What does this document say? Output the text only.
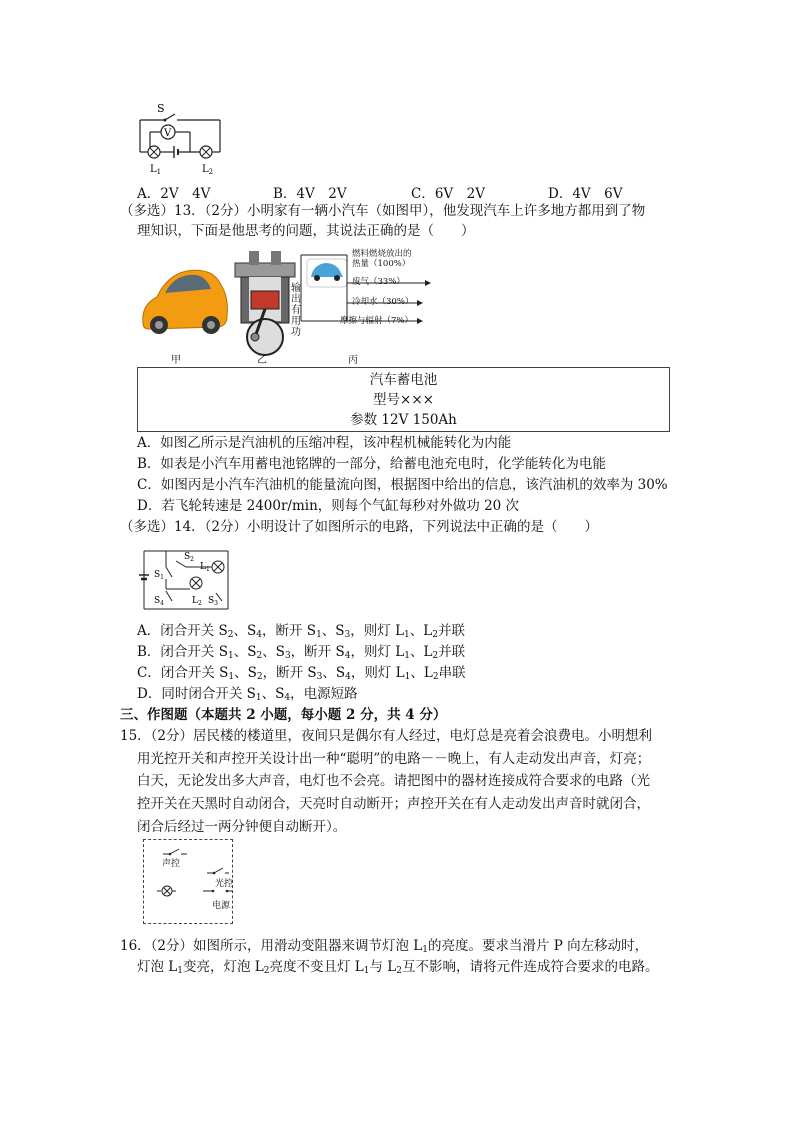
S
V
$L_1$	$L_2$
A．2V　4V	B．4V　2V	C．6V　2V	D．4V　6V
（多选）13．（2分）小明家有一辆小汽车（如图甲），他发现汽车上许多地方都用到了物
理知识，下面是他思考的问题，其说法正确的是（　　）
燃料燃烧放出的
热量（100%）
废气（33%）
冷却水（30%）
摩擦与辐射（7%）
输
出
有
用
功
甲	乙	丙
汽车蓄电池
型号×××
参数 12V 150Ah
A．如图乙所示是汽油机的压缩冲程，该冲程机械能转化为内能
B．如表是小汽车用蓄电池铭牌的一部分，给蓄电池充电时，化学能转化为电能
C．如图丙是小汽车汽油机的能量流向图，根据图中给出的信息，该汽油机的效率为 30%
D．若飞轮转速是 2400r/min，则每个气缸每秒对外做功 20 次
（多选）14．（2分）小明设计了如图所示的电路，下列说法中正确的是（　　）
$S_1$
$S_2$
$L_1$
$L_2$ $S_3$
$S_4$
A．闭合开关 $S_2$、$S_4$，断开 $S_1$、$S_3$，则灯 $L_1$、$L_2$并联
B．闭合开关 $S_1$、$S_2$、$S_3$，断开 $S_4$，则灯 $L_1$、$L_2$并联
C．闭合开关 $S_1$、$S_2$，断开 $S_3$、$S_4$，则灯 $L_1$、$L_2$串联
D．同时闭合开关 $S_1$、$S_4$，电源短路
三、作图题（本题共 2 小题，每小题 2 分，共 4 分）
15．（2分）居民楼的楼道里，夜间只是偶尔有人经过，电灯总是亮着会浪费电。小明想利
用光控开关和声控开关设计出一种“聪明”的电路－－晚上，有人走动发出声音，灯亮；
白天，无论发出多大声音，电灯也不会亮。请把图中的器材连接成符合要求的电路（光
控开关在天黑时自动闭合，天亮时自动断开；声控开关在有人走动发出声音时就闭合，
闭合后经过一两分钟便自动断开）。
声控
光控
电源
16．（2分）如图所示，用滑动变阻器来调节灯泡 $L_1$的亮度。要求当滑片 P 向左移动时，
灯泡 $L_1$变亮，灯泡 $L_2$亮度不变且灯 $L_1$与 $L_2$互不影响，请将元件连成符合要求的电路。
